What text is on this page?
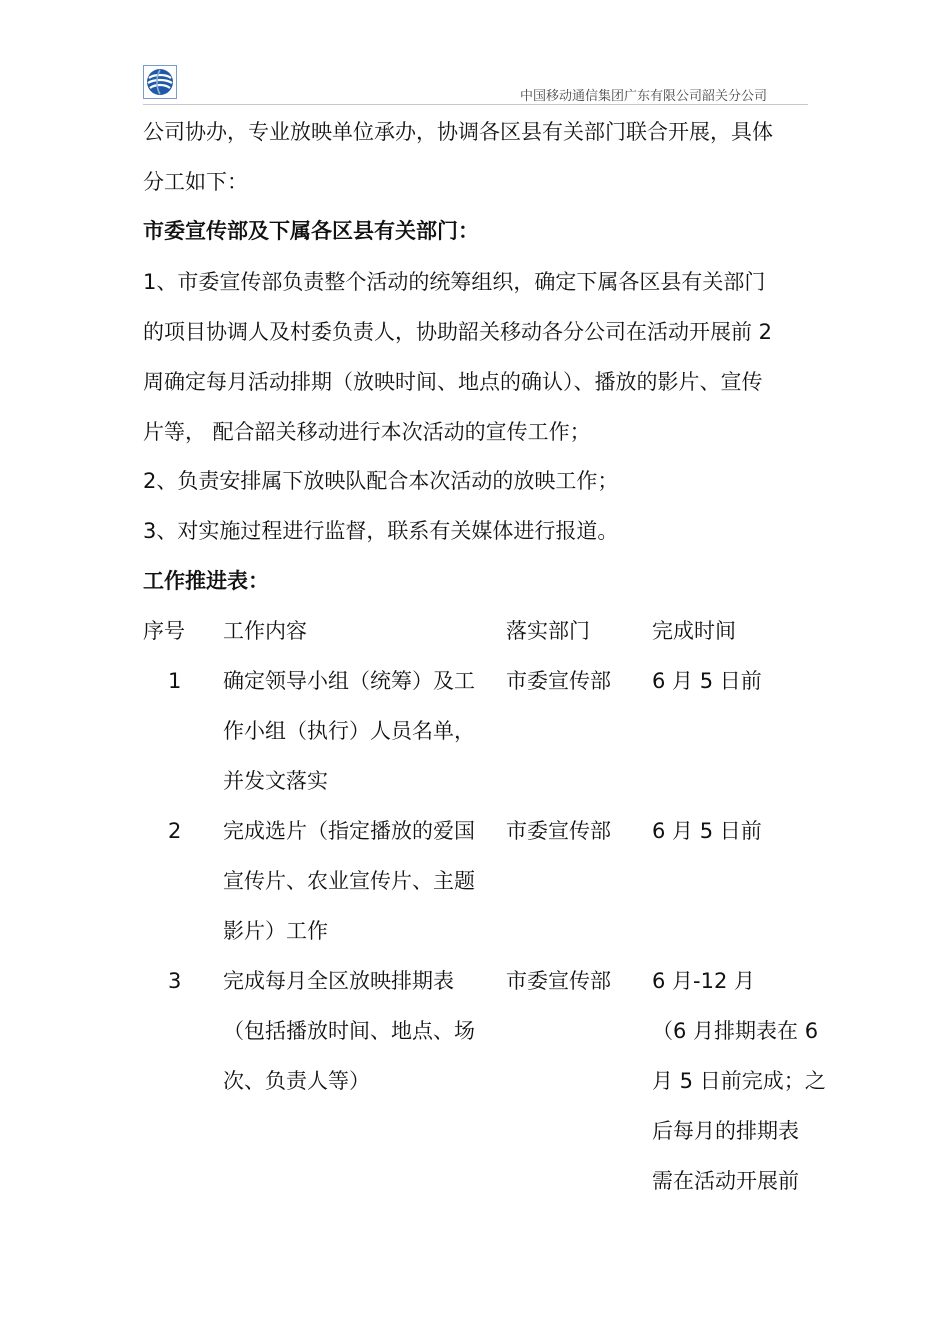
中国移动通信集团广东有限公司韶关分公司
公司协办，专业放映单位承办，协调各区县有关部门联合开展，具体
分工如下：
市委宣传部及下属各区县有关部门：
1、市委宣传部负责整个活动的统筹组织，确定下属各区县有关部门
的项目协调人及村委负责人，协助韶关移动各分公司在活动开展前 2
周确定每月活动排期（放映时间、地点的确认）、播放的影片、宣传
片等， 配合韶关移动进行本次活动的宣传工作；
2、负责安排属下放映队配合本次活动的放映工作；
3、对实施过程进行监督，联系有关媒体进行报道。
工作推进表：
序号 工作内容	落实部门	完成时间
1 确定领导小组（统筹）及工
作小组（执行）人员名单，
并发文落实
市委宣传部 6 月 5 日前
2 完成选片（指定播放的爱国
宣传片、农业宣传片、主题
影片）工作
市委宣传部 6 月 5 日前
3 完成每月全区放映排期表
（包括播放时间、地点、场
次、负责人等）
市委宣传部 6 月-12 月
（6 月排期表在 6
月 5 日前完成；之
后每月的排期表
需在活动开展前
